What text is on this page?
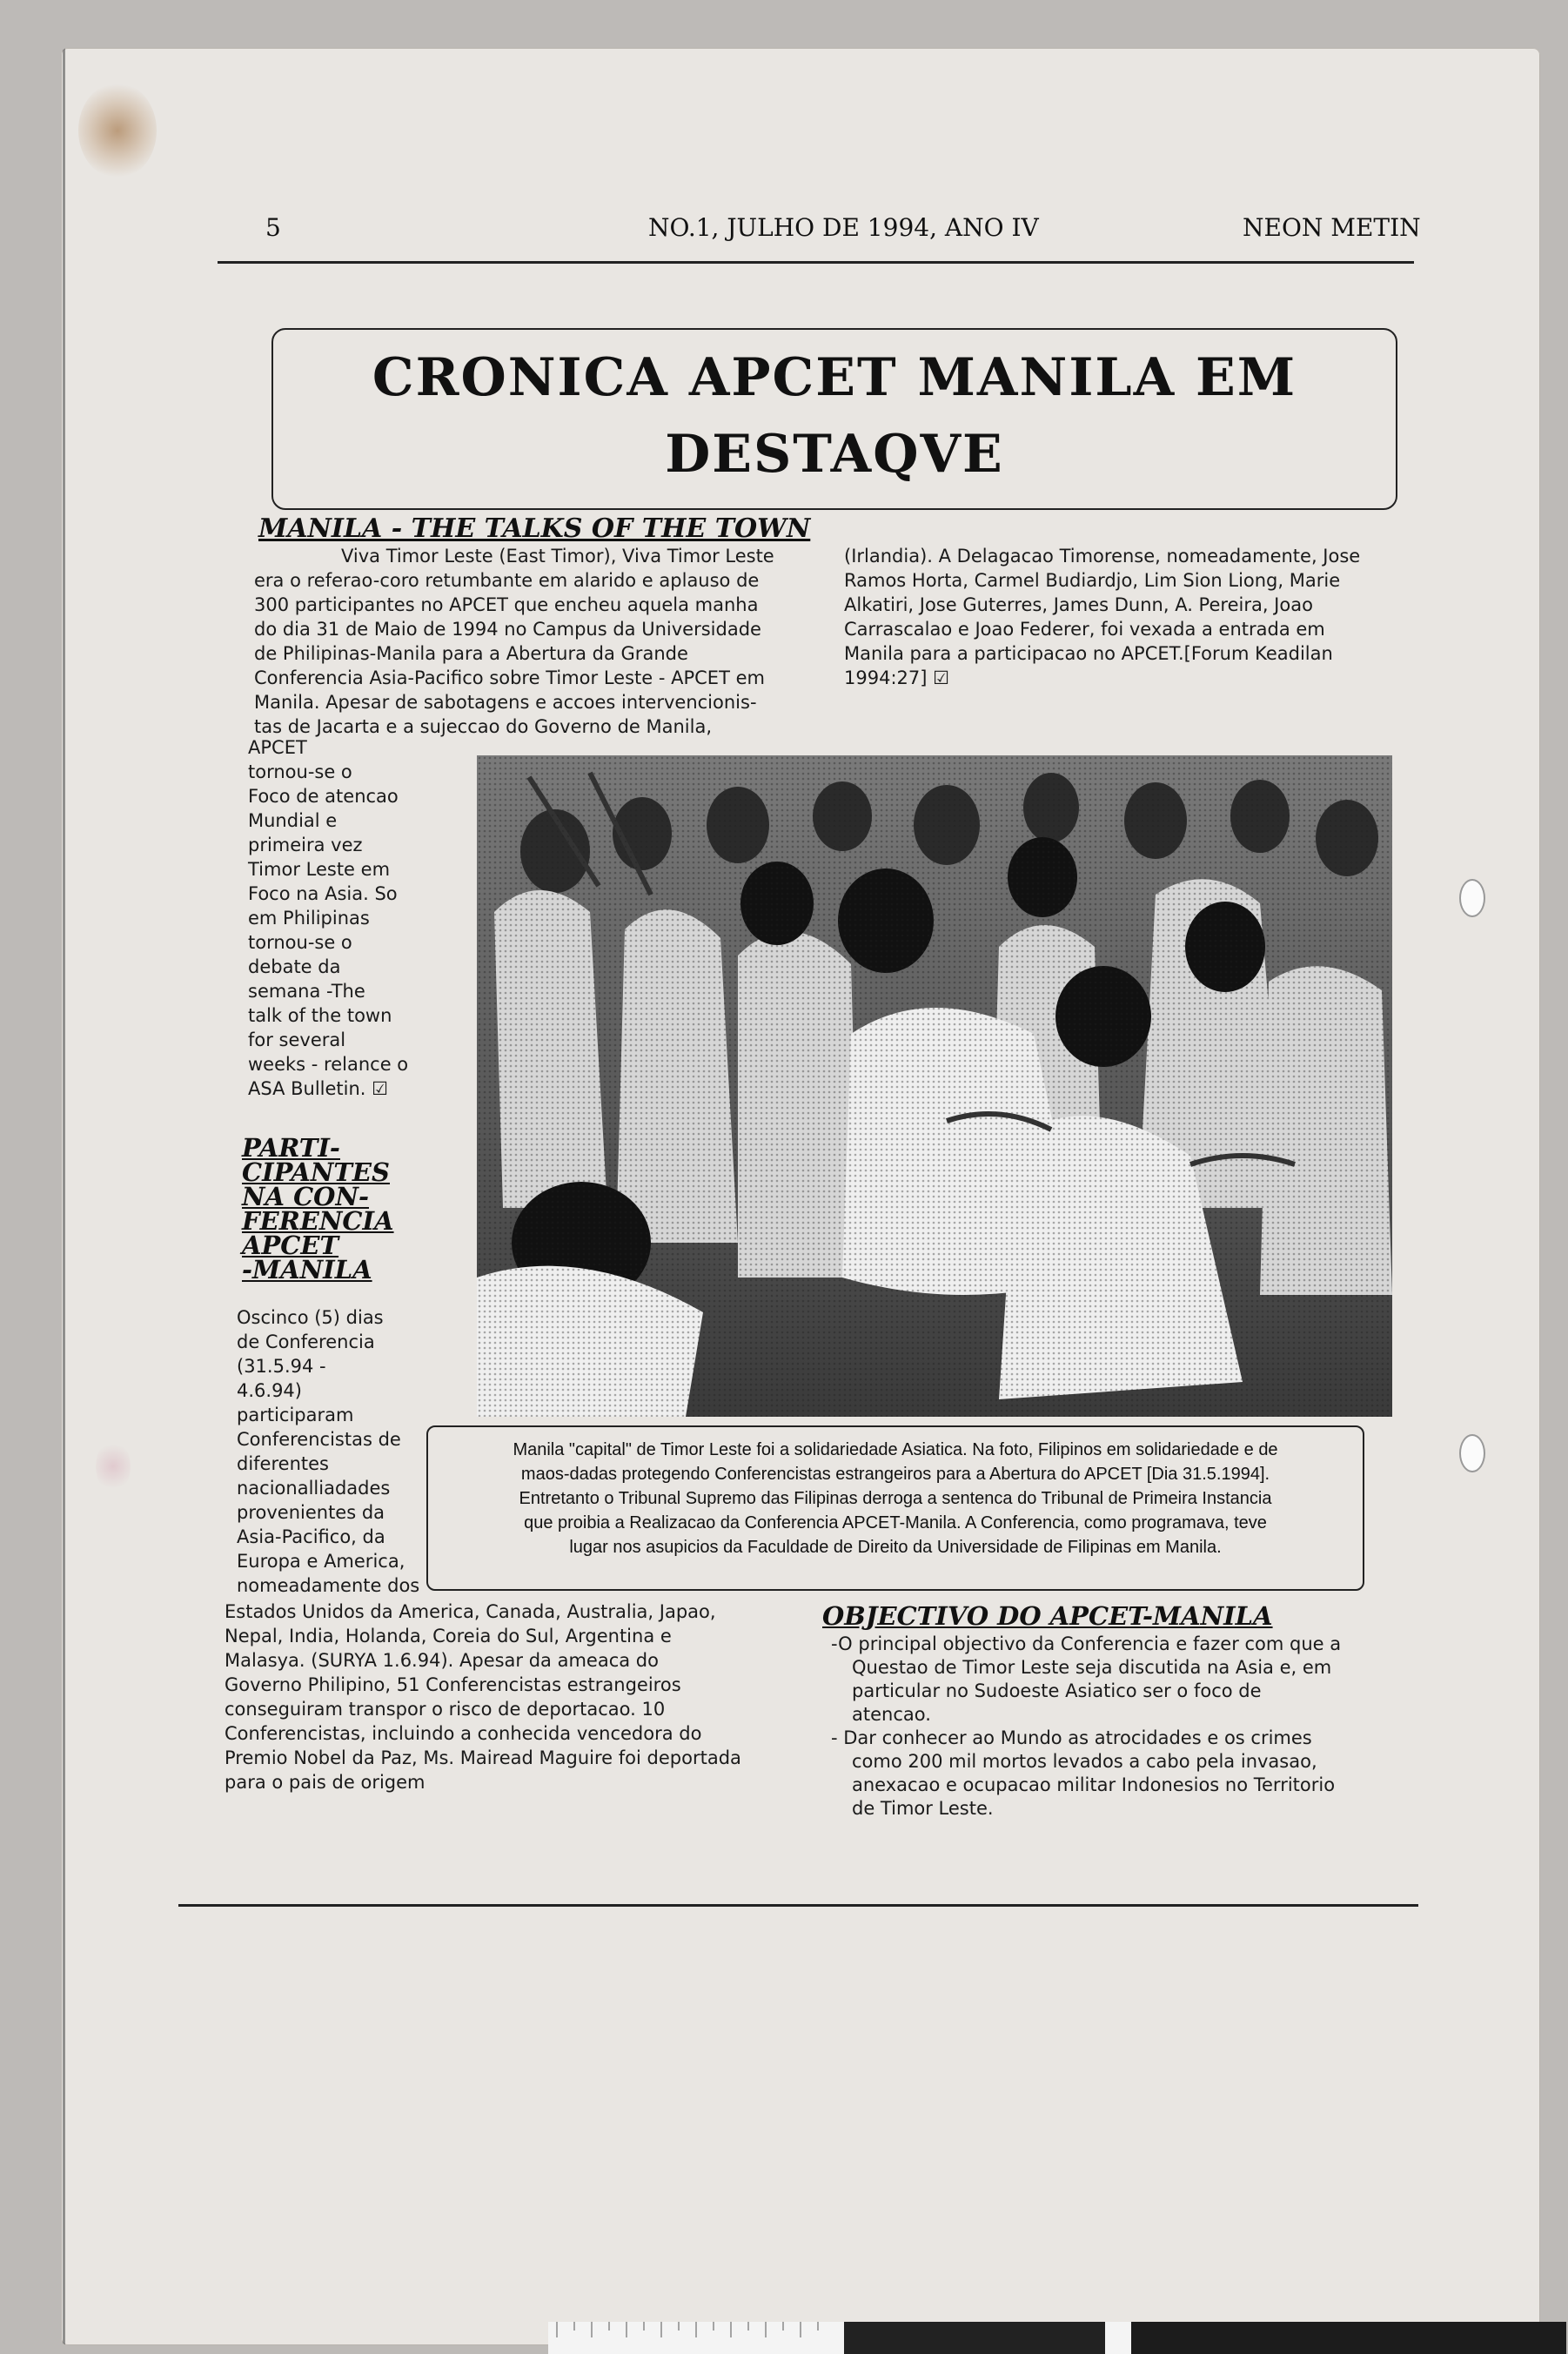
5	NO.1, JULHO DE 1994, ANO IV	NEON METIN
CRONICA APCET MANILA EM
DESTAQVE
MANILA - THE TALKS OF THE TOWN
Viva Timor Leste (East Timor), Viva Timor Leste
era o referao-coro retumbante em alarido e aplauso de
300 participantes no APCET que encheu aquela manha
do dia 31 de Maio de 1994 no Campus da Universidade
de Philipinas-Manila para a Abertura da Grande
Conferencia Asia-Pacifico sobre Timor Leste - APCET em
Manila. Apesar de sabotagens e accoes intervencionis-
tas de Jacarta e a sujeccao do Governo de Manila,
APCET
tornou-se o
Foco de atencao
Mundial e
primeira vez
Timor Leste em
Foco na Asia. So
em Philipinas
tornou-se o
debate da
semana -The
talk of the town
for several
weeks - relance o
ASA Bulletin. ☑
(Irlandia). A Delagacao Timorense, nomeadamente, Jose
Ramos Horta, Carmel Budiardjo, Lim Sion Liong, Marie
Alkatiri, Jose Guterres, James Dunn, A. Pereira, Joao
Carrascalao e Joao Federer, foi vexada a entrada em
Manila para a participacao no APCET.[Forum Keadilan
1994:27] ☑
PARTI-
CIPANTES
NA CON-
FERENCIA
APCET
-MANILA
Oscinco (5) dias
de Conferencia
(31.5.94 -
4.6.94)
participaram
Conferencistas de
diferentes
nacionalliadades
provenientes da
Asia-Pacifico, da
Europa e America,
nomeadamente dos
Manila "capital" de Timor Leste foi a solidariedade Asiatica. Na foto, Filipinos em solidariedade e de
maos-dadas protegendo Conferencistas estrangeiros para a Abertura do APCET [Dia 31.5.1994].
Entretanto o Tribunal Supremo das Filipinas derroga a sentenca do Tribunal de Primeira Instancia
que proibia a Realizacao da Conferencia APCET-Manila. A Conferencia, como programava, teve
lugar nos asupicios da Faculdade de Direito da Universidade de Filipinas em Manila.
Estados Unidos da America, Canada, Australia, Japao,
Nepal, India, Holanda, Coreia do Sul, Argentina e
Malasya. (SURYA 1.6.94). Apesar da ameaca do
Governo Philipino, 51 Conferencistas estrangeiros
conseguiram transpor o risco de deportacao. 10
Conferencistas, incluindo a conhecida vencedora do
Premio Nobel da Paz, Ms. Mairead Maguire foi deportada
para o pais de origem
OBJECTIVO DO APCET-MANILA
-O principal objectivo da Conferencia e fazer com que a
Questao de Timor Leste seja discutida na Asia e, em
particular no Sudoeste Asiatico ser o foco de
atencao.
- Dar conhecer ao Mundo as atrocidades e os crimes
como 200 mil mortos levados a cabo pela invasao,
anexacao e ocupacao militar Indonesios no Territorio
de Timor Leste.
